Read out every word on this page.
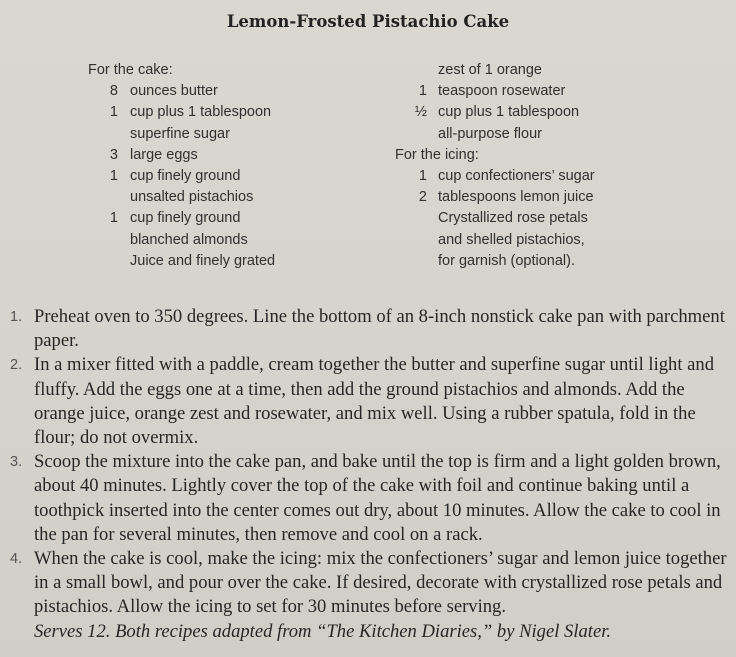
Lemon-Frosted Pistachio Cake
For the cake:
8 ounces butter
1 cup plus 1 tablespoon
superfine sugar
3 large eggs
1 cup finely ground
unsalted pistachios
1 cup finely ground
blanched almonds
Juice and finely grated
zest of 1 orange
1 teaspoon rosewater
½ cup plus 1 tablespoon
all-purpose flour
For the icing:
1 cup confectioners’ sugar
2 tablespoons lemon juice
Crystallized rose petals
and shelled pistachios,
for garnish (optional).
1. Preheat oven to 350 degrees. Line the bottom of an 8-inch nonstick cake pan with parchment paper.
2. In a mixer fitted with a paddle, cream together the butter and superfine sugar until light and fluffy. Add the eggs one at a time, then add the ground pistachios and almonds. Add the orange juice, orange zest and rosewater, and mix well. Using a rubber spatula, fold in the flour; do not overmix.
3. Scoop the mixture into the cake pan, and bake until the top is firm and a light golden brown, about 40 minutes. Lightly cover the top of the cake with foil and continue baking until a toothpick inserted into the center comes out dry, about 10 minutes. Allow the cake to cool in the pan for several minutes, then remove and cool on a rack.
4. When the cake is cool, make the icing: mix the confectioners’ sugar and lemon juice together in a small bowl, and pour over the cake. If desired, decorate with crystallized rose petals and pistachios. Allow the icing to set for 30 minutes before serving.
Serves 12. Both recipes adapted from “The Kitchen Diaries,” by Nigel Slater.
